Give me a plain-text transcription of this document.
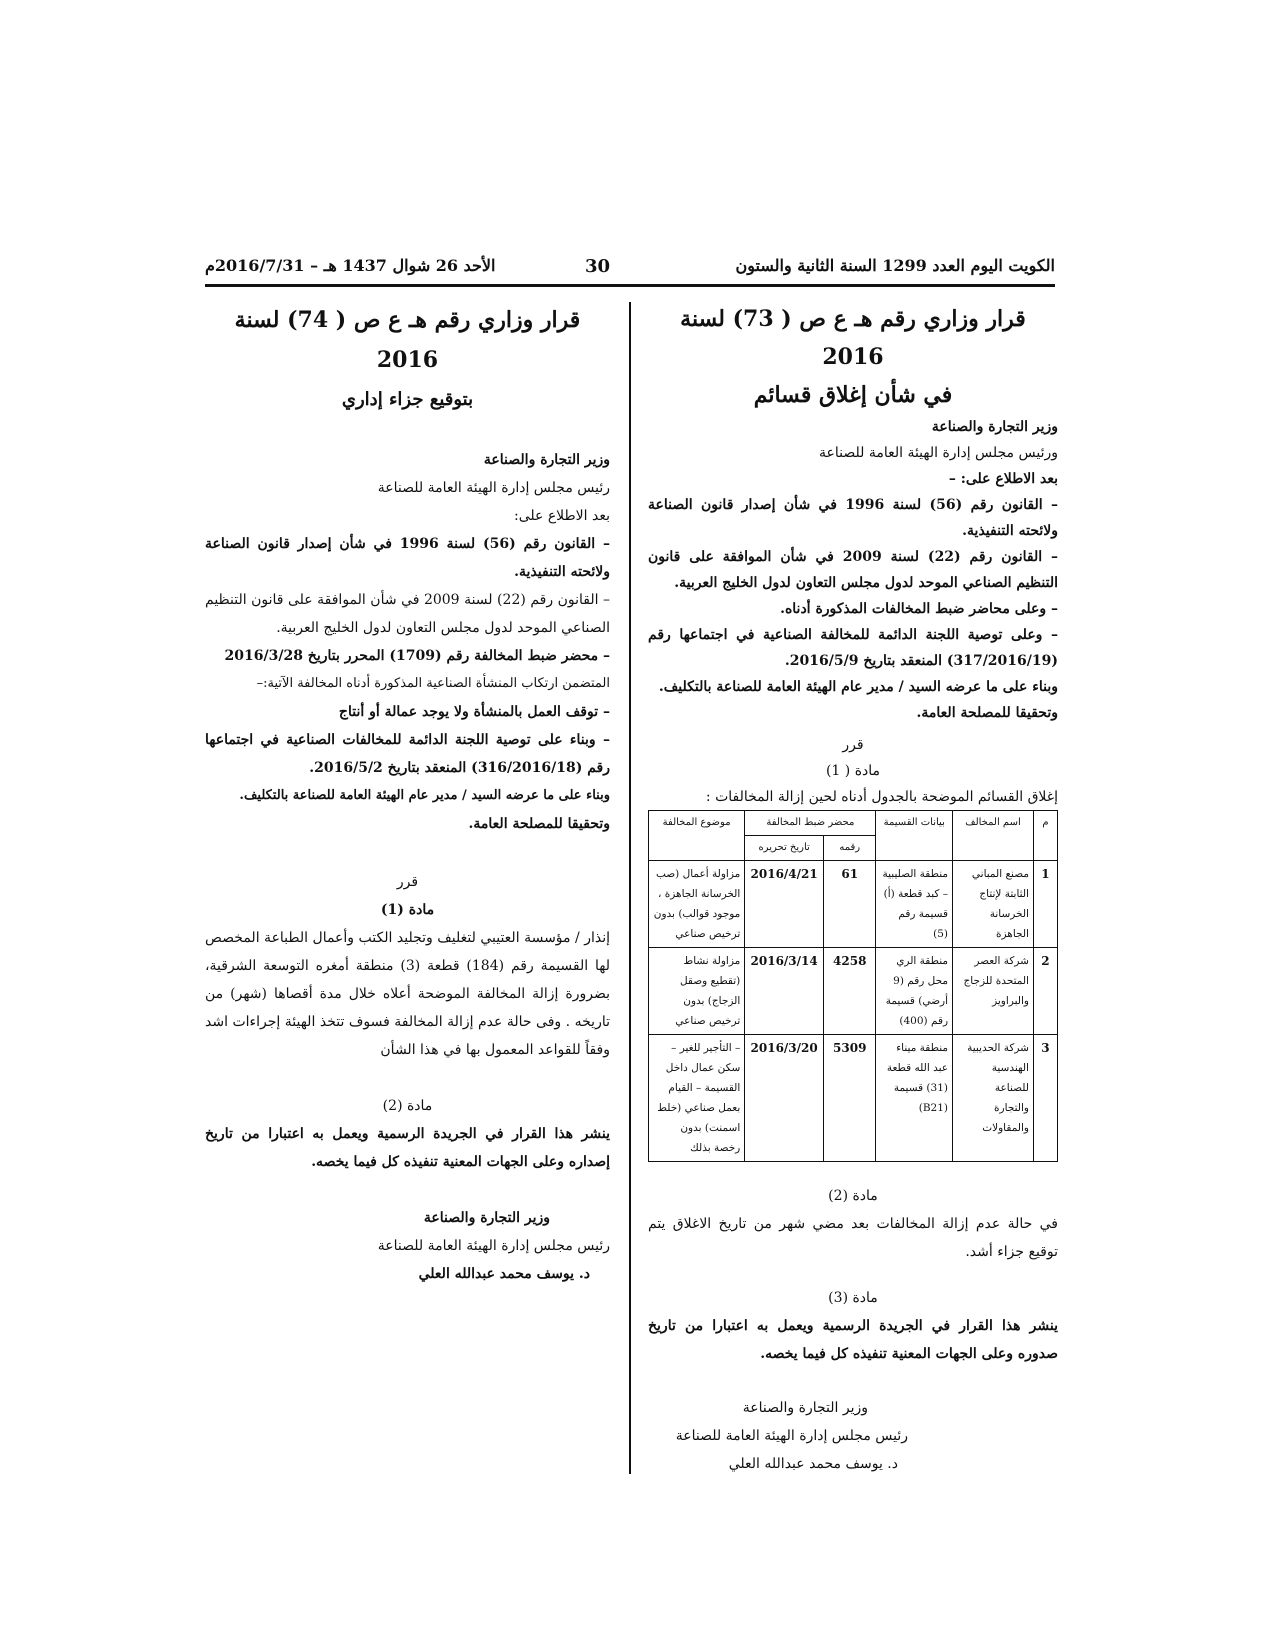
الكويت اليوم العدد 1299 السنة الثانية والستون
30
الأحد 26 شوال 1437 هـ – 2016/7/31م
قرار وزاري رقم هـ ع ص ( 73) لسنة 2016
في شأن إغلاق قسائم

وزير التجارة والصناعة

ورئيس مجلس إدارة الهيئة العامة للصناعة

بعد الاطلاع على: –

– القانون رقم (56) لسنة 1996 في شأن إصدار قانون الصناعة ولائحته التنفيذية.

– القانون رقم (22) لسنة 2009 في شأن الموافقة على قانون التنظيم الصناعي الموحد لدول مجلس التعاون لدول الخليج العربية.

– وعلى محاضر ضبط المخالفات المذكورة أدناه.

– وعلى توصية اللجنة الدائمة للمخالفة الصناعية في اجتماعها رقم (317/2016/19) المنعقد بتاريخ 2016/5/9.

وبناء على ما عرضه السيد / مدير عام الهيئة العامة للصناعة بالتكليف.

وتحقيقا للمصلحة العامة.

قرر

مادة ( 1)

إغلاق القسائم الموضحة بالجدول أدناه لحين إزالة المخالفات :

م	اسم المخالف	بيانات القسيمة	محضر ضبط المخالفة		موضوع المخالفة
			رقمه	تاريخ تحريره	
1	مصنع المباني الثابتة لإنتاج الخرسانة الجاهزة	منطقة الصليبية – كبد قطعة (أ) قسيمة رقم (5)	61	2016/4/21	مزاولة أعمال (صب الخرسانة الجاهزة ، موجود قوالب) بدون ترخيص صناعي
2	شركة العصر المتحدة للزجاج والبراويز	منطقة الري محل رقم (9 أرضي) قسيمة رقم (400)	4258	2016/3/14	مزاولة نشاط (تقطيع وصقل الزجاج) بدون ترخيص صناعي
3	شركة الحديبية الهندسية للصناعة والتجارة والمقاولات	منطقة ميناء عبد الله قطعة (31) قسيمة (B21)	5309	2016/3/20	– التأجير للغير – سكن عمال داخل القسيمة – القيام بعمل صناعي (خلط اسمنت) بدون رخصة بذلك

مادة (2)

في حالة عدم إزالة المخالفات بعد مضي شهر من تاريخ الاغلاق يتم توقيع جزاء أشد.

مادة (3)

ينشر هذا القرار في الجريدة الرسمية ويعمل به اعتبارا من تاريخ صدوره وعلى الجهات المعنية تنفيذه كل فيما يخصه.

وزير التجارة والصناعة

رئيس مجلس إدارة الهيئة العامة للصناعة

د. يوسف محمد عبدالله العلي

قرار وزاري رقم هـ ع ص ( 74) لسنة 2016
بتوقيع جزاء إداري

وزير التجارة والصناعة

رئيس مجلس إدارة الهيئة العامة للصناعة

بعد الاطلاع على:

– القانون رقم (56) لسنة 1996 في شأن إصدار قانون الصناعة ولائحته التنفيذية.

– القانون رقم (22) لسنة 2009 في شأن الموافقة على قانون التنظيم الصناعي الموحد لدول مجلس التعاون لدول الخليج العربية.

– محضر ضبط المخالفة رقم (1709) المحرر بتاريخ 2016/3/28

المتضمن ارتكاب المنشأة الصناعية المذكورة أدناه المخالفة الآتية:–

– توقف العمل بالمنشأة ولا يوجد عمالة أو أنتاج

– وبناء على توصية اللجنة الدائمة للمخالفات الصناعية في اجتماعها رقم (316/2016/18) المنعقد بتاريخ 2016/5/2.

وبناء على ما عرضه السيد / مدير عام الهيئة العامة للصناعة بالتكليف.

وتحقيقا للمصلحة العامة.

قرر

مادة (1)

إنذار / مؤسسة العتيبي لتغليف وتجليد الكتب وأعمال الطباعة المخصص لها القسيمة رقم (184) قطعة (3) منطقة أمغره التوسعة الشرقية، بضرورة إزالة المخالفة الموضحة أعلاه خلال مدة أقصاها (شهر) من تاريخه . وفى حالة عدم إزالة المخالفة فسوف تتخذ الهيئة إجراءات اشد وفقاً للقواعد المعمول بها في هذا الشأن

مادة (2)

ينشر هذا القرار في الجريدة الرسمية ويعمل به اعتبارا من تاريخ إصداره وعلى الجهات المعنية تنفيذه كل فيما يخصه.

وزير التجارة والصناعة

رئيس مجلس إدارة الهيئة العامة للصناعة

د. يوسف محمد عبدالله العلي
